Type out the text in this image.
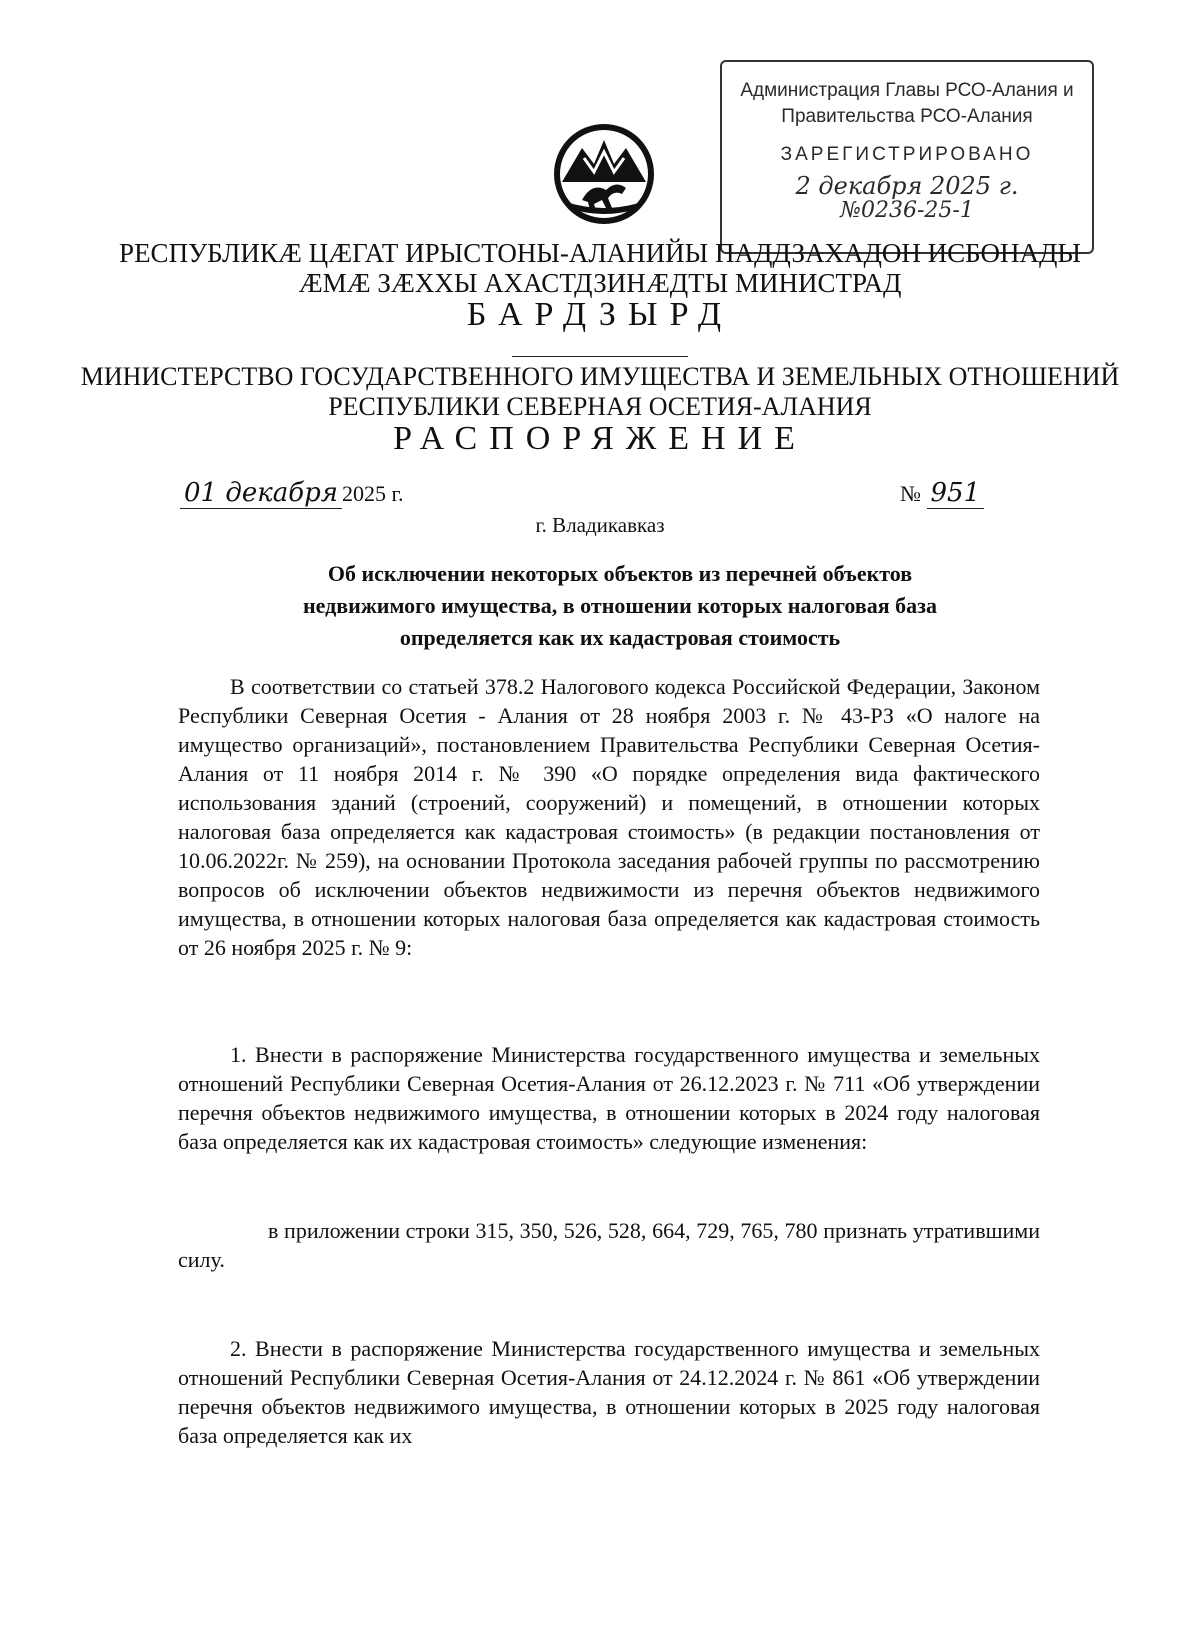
Администрация Главы РСО-Алания и
Правительства РСО-Алания
ЗАРЕГИСТРИРОВАНО
2 декабря 2025 г.
№0236-25-1
РЕСПУБЛИКӔ ЦӔГАТ ИРЫСТОНЫ-АЛАНИЙЫ ПАДДЗАХАДОН ИСБОНАДЫ
ӔМӔ ЗӔХХЫ АХАСТДЗИНӔДТЫ МИНИСТРАД
БАРДЗЫРД
МИНИСТЕРСТВО ГОСУДАРСТВЕННОГО ИМУЩЕСТВА И ЗЕМЕЛЬНЫХ ОТНОШЕНИЙ
РЕСПУБЛИКИ СЕВЕРНАЯ ОСЕТИЯ-АЛАНИЯ
РАСПОРЯЖЕНИЕ
01 декабря 2025 г.	№ 951
г. Владикавказ
Об исключении некоторых объектов из перечней объектов
недвижимого имущества, в отношении которых налоговая база
определяется как их кадастровая стоимость

В соответствии со статьей 378.2 Налогового кодекса Российской Федерации, Законом Республики Северная Осетия - Алания от 28 ноября 2003 г. № 43-РЗ «О налоге на имущество организаций», постановлением Правительства Республики Северная Осетия-Алания от 11 ноября 2014 г. № 390 «О порядке определения вида фактического использования зданий (строений, сооружений) и помещений, в отношении которых налоговая база определяется как кадастровая стоимость» (в редакции постановления от 10.06.2022г. № 259), на основании Протокола заседания рабочей группы по рассмотрению вопросов об исключении объектов недвижимости из перечня объектов недвижимого имущества, в отношении которых налоговая база определяется как кадастровая стоимость от 26 ноября 2025 г. № 9:

1. Внести в распоряжение Министерства государственного имущества и земельных отношений Республики Северная Осетия-Алания от 26.12.2023 г. № 711 «Об утверждении перечня объектов недвижимого имущества, в отношении которых в 2024 году налоговая база определяется как их кадастровая стоимость» следующие изменения:

в приложении строки 315, 350, 526, 528, 664, 729, 765, 780 признать утратившими силу.

2. Внести в распоряжение Министерства государственного имущества и земельных отношений Республики Северная Осетия-Алания от 24.12.2024 г. № 861 «Об утверждении перечня объектов недвижимого имущества, в отношении которых в 2025 году налоговая база определяется как их
